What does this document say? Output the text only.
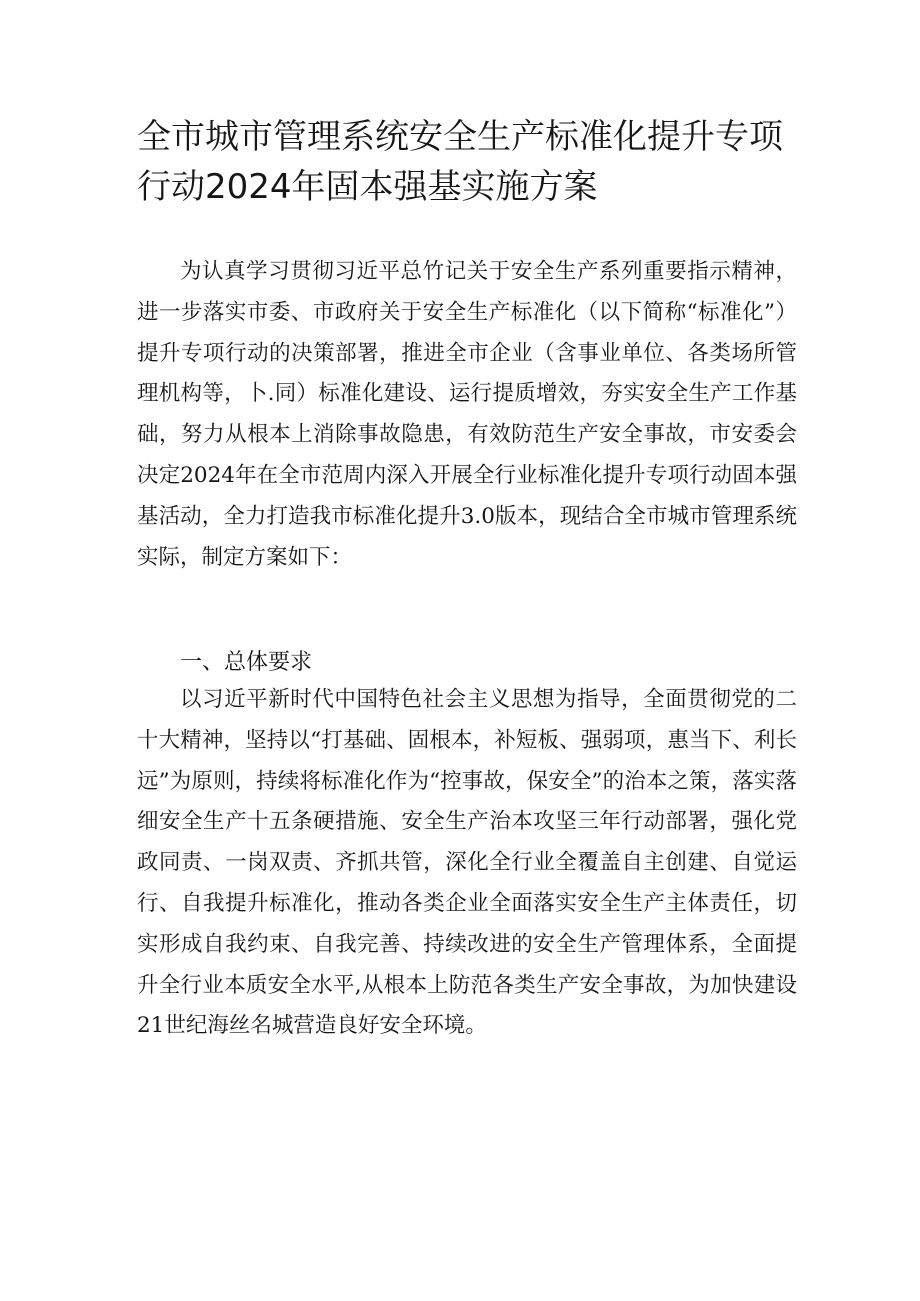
全市城市管理系统安全生产标准化提升专项
行动2024年固本强基实施方案

为认真学习贯彻习近平总竹记关于安全生产系列重要指示精神，进一步落实市委、市政府关于安全生产标准化（以下简称“标准化”）提升专项行动的决策部署，推进全市企业（含事业单位、各类场所管理机构等，卜.同）标准化建设、运行提质增效，夯实安全生产工作基础，努力从根本上消除事故隐患，有效防范生产安全事故，市安委会决定2024年在全市范周内深入开展全行业标准化提升专项行动固本强基活动，全力打造我市标准化提升3.0版本，现结合全市城市管理系统实际，制定方案如下：

一、总体要求

以习近平新时代中国特色社会主义思想为指导，全面贯彻党的二十大精神，坚持以“打基础、固根本，补短板、强弱项，惠当下、利长远”为原则，持续将标准化作为“控事故，保安全”的治本之策，落实落细安全生产十五条硬措施、安全生产治本攻坚三年行动部署，强化党政同责、一岗双责、齐抓共管，深化全行业全覆盖自主创建、自觉运行、自我提升标准化，推动各类企业全面落实安全生产主体责任，切实形成自我约束、自我完善、持续改进的安全生产管理体系，全面提升全行业本质安全水平,从根本上防范各类生产安全事故，为加快建设21世纪海丝名城营造良好安全环境。
